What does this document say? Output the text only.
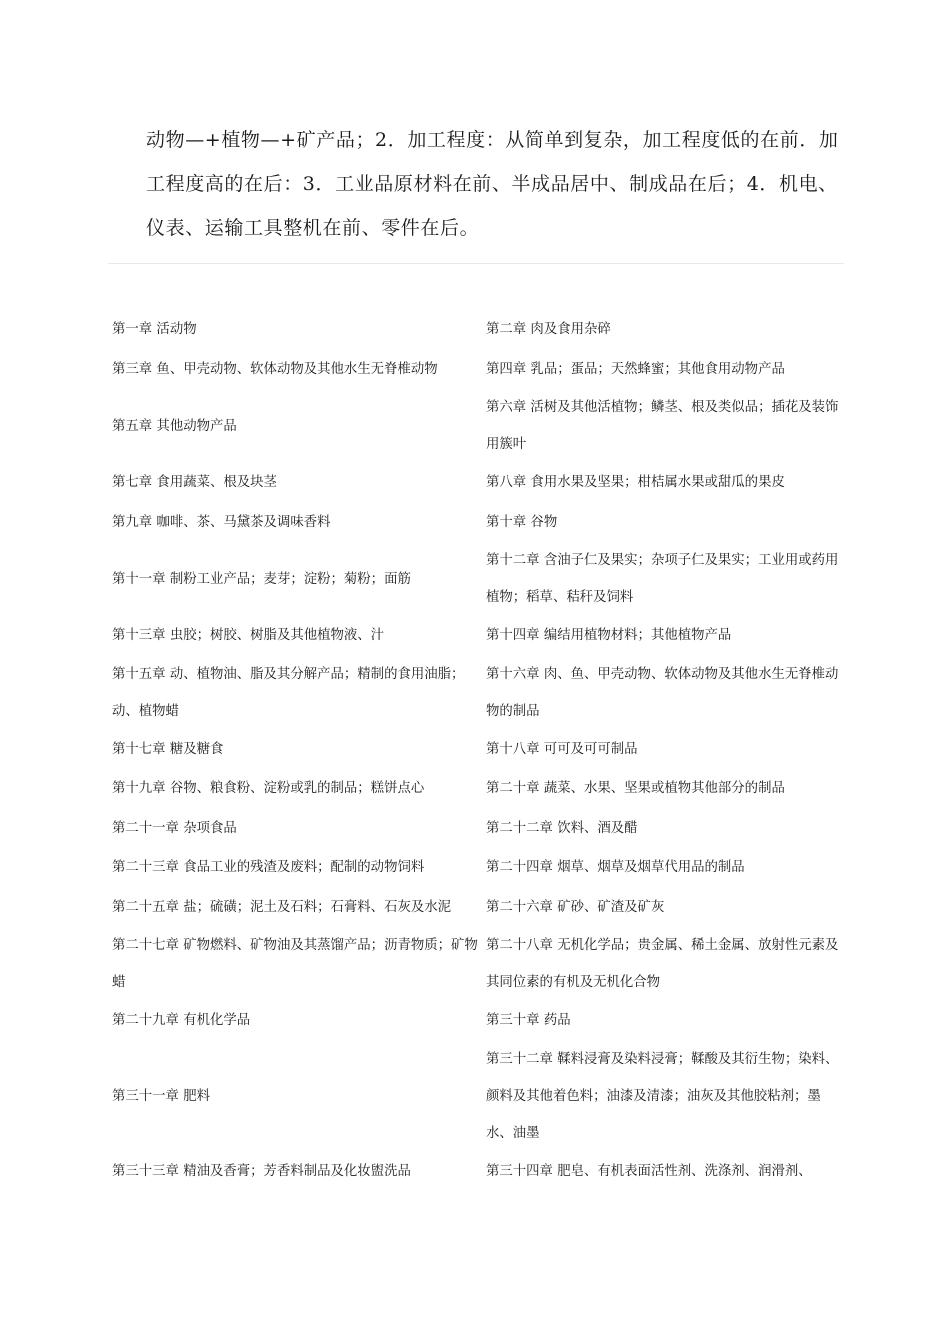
动物—+植物—+矿产品；2．加工程度：从简单到复杂，加工程度低的在前．加

工程度高的在后：3．工业品原材料在前、半成品居中、制成品在后；4．机电、

仪表、运输工具整机在前、零件在后。

第一章 活动物	第二章 肉及食用杂碎
第三章 鱼、甲壳动物、软体动物及其他水生无脊椎动物	第四章 乳品；蛋品；天然蜂蜜；其他食用动物产品
第五章 其他动物产品	第六章 活树及其他活植物；鳞茎、根及类似品；插花及装饰用簇叶
第七章 食用蔬菜、根及块茎	第八章 食用水果及坚果；柑桔属水果或甜瓜的果皮
第九章 咖啡、茶、马黛茶及调味香料	第十章 谷物
第十一章 制粉工业产品；麦芽；淀粉；菊粉；面筋	第十二章 含油子仁及果实；杂项子仁及果实；工业用或药用植物；稻草、秸秆及饲料
第十三章 虫胶；树胶、树脂及其他植物液、汁	第十四章 编结用植物材料；其他植物产品
第十五章 动、植物油、脂及其分解产品；精制的食用油脂；动、植物蜡	第十六章 肉、鱼、甲壳动物、软体动物及其他水生无脊椎动物的制品
第十七章 糖及糖食	第十八章 可可及可可制品
第十九章 谷物、粮食粉、淀粉或乳的制品；糕饼点心	第二十章 蔬菜、水果、坚果或植物其他部分的制品
第二十一章 杂项食品	第二十二章 饮料、酒及醋
第二十三章 食品工业的残渣及废料；配制的动物饲料	第二十四章 烟草、烟草及烟草代用品的制品
第二十五章 盐；硫磺；泥土及石料；石膏料、石灰及水泥	第二十六章 矿砂、矿渣及矿灰
第二十七章 矿物燃料、矿物油及其蒸馏产品；沥青物质；矿物蜡	第二十八章 无机化学品；贵金属、稀土金属、放射性元素及其同位素的有机及无机化合物
第二十九章 有机化学品	第三十章 药品
第三十一章 肥料	第三十二章 鞣料浸膏及染料浸膏；鞣酸及其衍生物；染料、颜料及其他着色料；油漆及清漆；油灰及其他胶粘剂；墨水、油墨
第三十三章 精油及香膏；芳香料制品及化妆盥洗品	第三十四章 肥皂、有机表面活性剂、洗涤剂、润滑剂、
